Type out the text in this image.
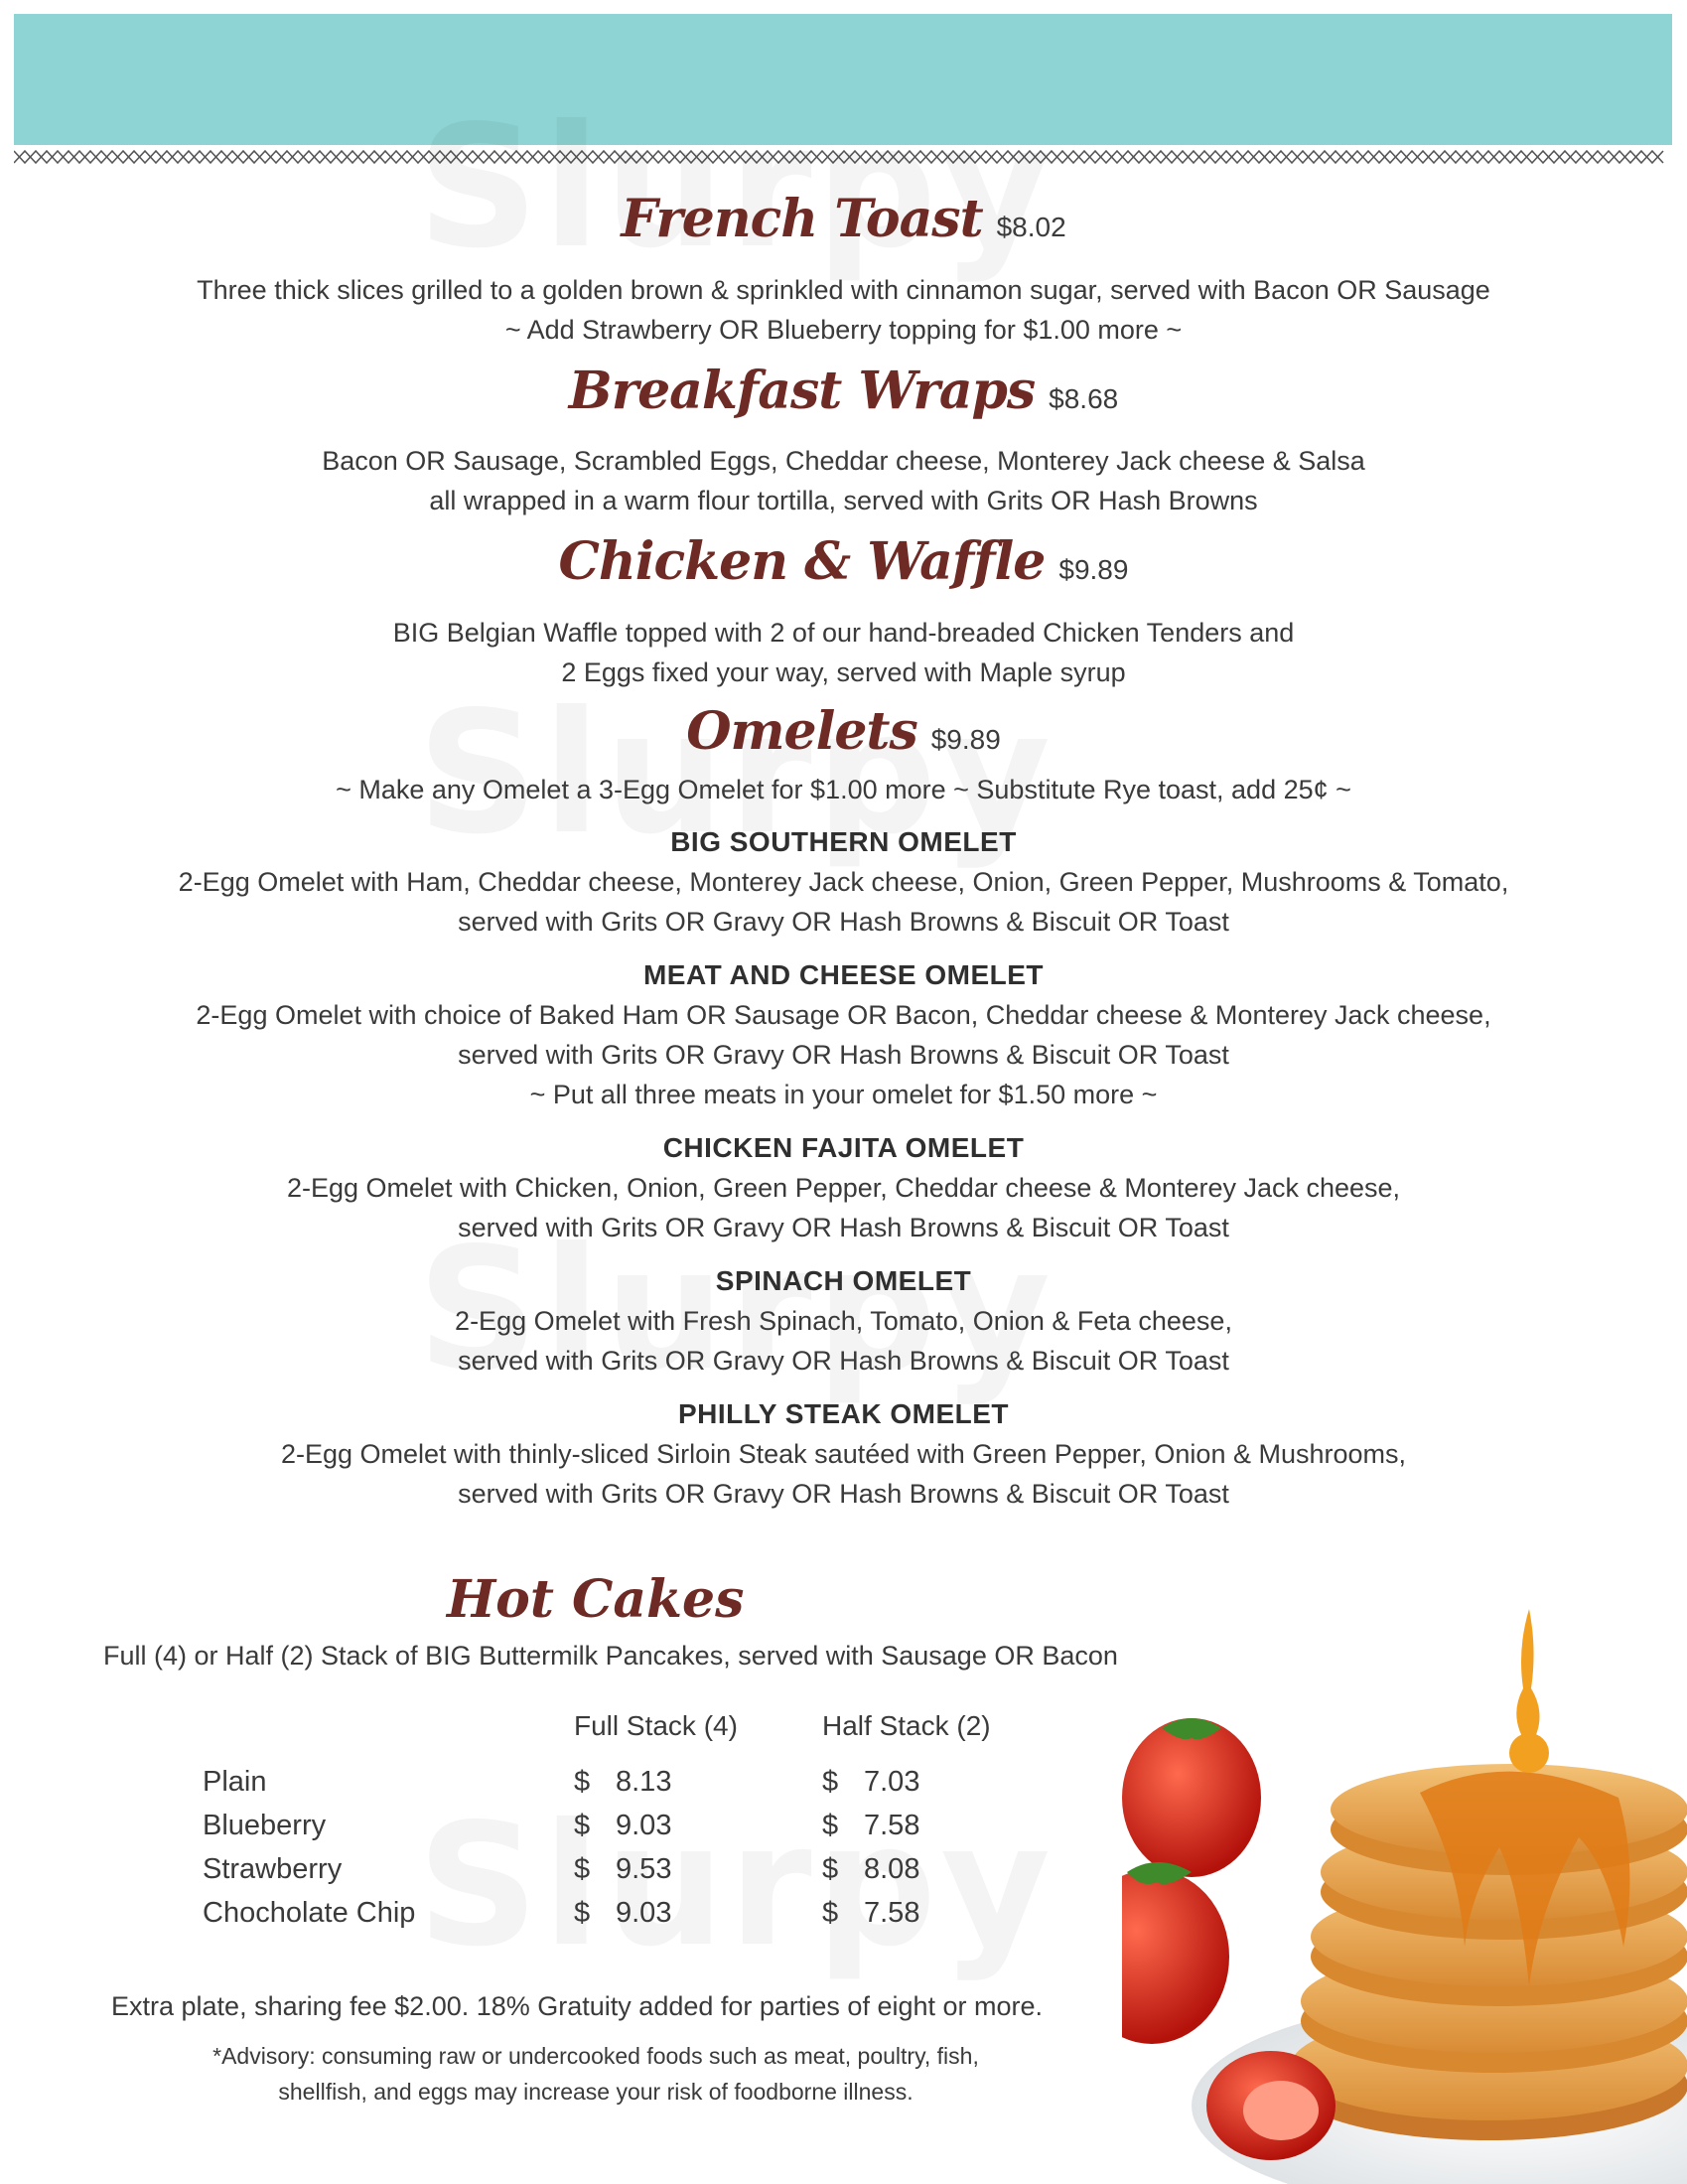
French Toast $8.02
Three thick slices grilled to a golden brown & sprinkled with cinnamon sugar, served with Bacon OR Sausage
~ Add Strawberry OR Blueberry topping for $1.00 more ~
Breakfast Wraps $8.68
Bacon OR Sausage, Scrambled Eggs, Cheddar cheese, Monterey Jack cheese & Salsa
all wrapped in a warm flour tortilla, served with Grits OR Hash Browns
Chicken & Waffle $9.89
BIG Belgian Waffle topped with 2 of our hand-breaded Chicken Tenders and
2 Eggs fixed your way, served with Maple syrup
Omelets $9.89
~ Make any Omelet a 3-Egg Omelet for $1.00 more ~ Substitute Rye toast, add 25¢ ~
BIG SOUTHERN OMELET
2-Egg Omelet with Ham, Cheddar cheese, Monterey Jack cheese, Onion, Green Pepper, Mushrooms & Tomato,
served with Grits OR Gravy OR Hash Browns & Biscuit OR Toast
MEAT AND CHEESE OMELET
2-Egg Omelet with choice of Baked Ham OR Sausage OR Bacon, Cheddar cheese & Monterey Jack cheese,
served with Grits OR Gravy OR Hash Browns & Biscuit OR Toast
~ Put all three meats in your omelet for $1.50 more ~
CHICKEN FAJITA OMELET
2-Egg Omelet with Chicken, Onion, Green Pepper, Cheddar cheese & Monterey Jack cheese,
served with Grits OR Gravy OR Hash Browns & Biscuit OR Toast
SPINACH OMELET
2-Egg Omelet with Fresh Spinach, Tomato, Onion & Feta cheese,
served with Grits OR Gravy OR Hash Browns & Biscuit OR Toast
PHILLY STEAK OMELET
2-Egg Omelet with thinly-sliced Sirloin Steak sautéed with Green Pepper, Onion & Mushrooms,
served with Grits OR Gravy OR Hash Browns & Biscuit OR Toast
Hot Cakes
Full (4) or Half (2) Stack of BIG Buttermilk Pancakes, served with Sausage OR Bacon
Full Stack (4)	Half Stack (2)
Plain	$ 8.13	$ 7.03
Blueberry	$ 9.03	$ 7.58
Strawberry	$ 9.53	$ 8.08
Chocholate Chip	$ 9.03	$ 7.58
Extra plate, sharing fee $2.00. 18% Gratuity added for parties of eight or more.
*Advisory: consuming raw or undercooked foods such as meat, poultry, fish,
shellfish, and eggs may increase your risk of foodborne illness.
